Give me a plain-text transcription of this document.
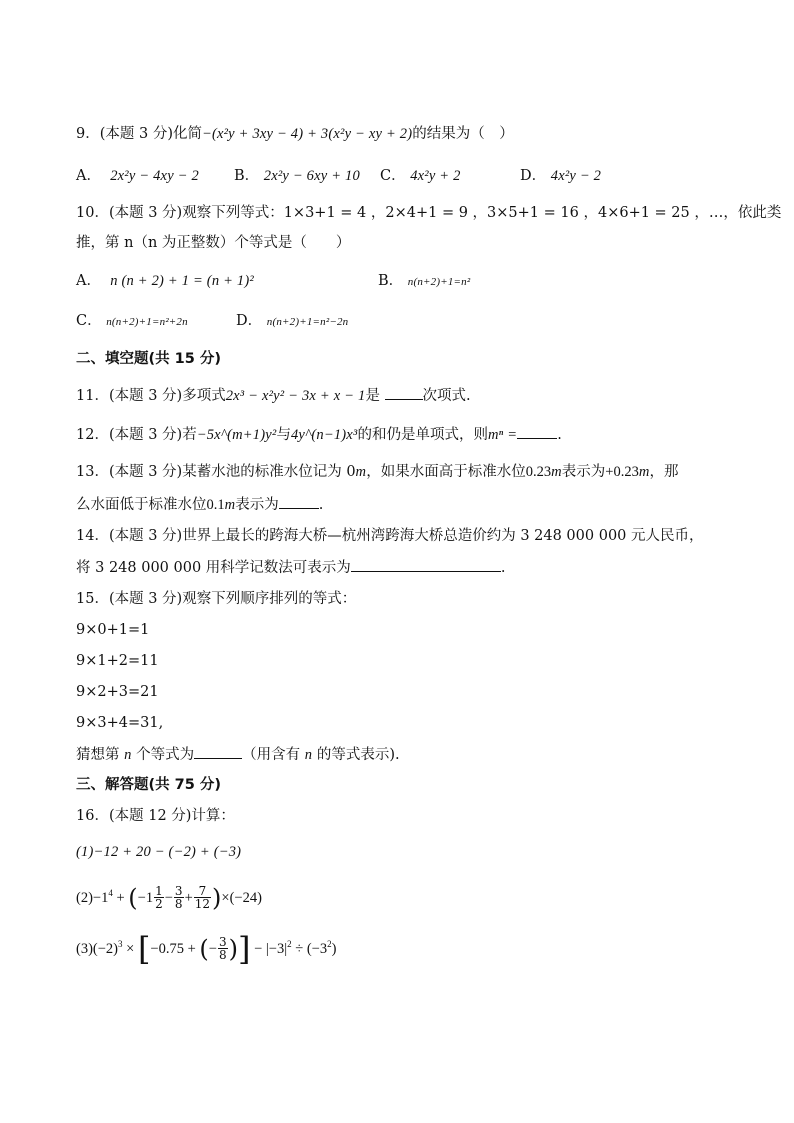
9．(本题 3 分)化简−(x²y + 3xy − 4) + 3(x²y − xy + 2)的结果为（　）
A． 2x²y − 4xy − 2 B． 2x²y − 6xy + 10 C． 4x²y + 2	D． 4x²y − 2
10．(本题 3 分)观察下列等式：1×3+1 = 4 ，2×4+1 = 9 ，3×5+1 = 16 ，4×6+1 = 25 ，…，依此类
推，第 n（n 为正整数）个等式是（　　）
A． n (n + 2) + 1 = (n + 1)²	B． n(n+2)+1=n²
C． n(n+2)+1=n²+2n	D． n(n+2)+1=n²−2n
二、填空题(共 15 分)
11．(本题 3 分)多项式2x³ − x²y² − 3x + x − 1是	次项式.
12．(本题 3 分)若−5x^(m+1)y²与4y^(n−1)x³的和仍是单项式，则mⁿ =	.
13．(本题 3 分)某蓄水池的标准水位记为 0m，如果水面高于标准水位0.23m表示为+0.23m，那
么水面低于标准水位0.1m表示为	.
14．(本题 3 分)世界上最长的跨海大桥—杭州湾跨海大桥总造价约为 3 248 000 000 元人民币，
将 3 248 000 000 用科学记数法可表示为	.
15．(本题 3 分)观察下列顺序排列的等式：
9×0+1=1
9×1+2=11
9×2+3=21
9×3+4=31,
猜想第 n 个等式为	（用含有 n 的等式表示).
三、解答题(共 75 分)
16．(本题 12 分)计算：
(1)−12 + 20 − (−2) + (−3)
$(2)-1^4 + (-1 \frac{1}{2} - \frac{3}{8} + \frac{7}{12} )\times(-24)$
$(3)(-2)^3 \times [-0.75$ + (− $\frac{3}{8}$ )] − $|-3|^2 \div (-3^2)$
